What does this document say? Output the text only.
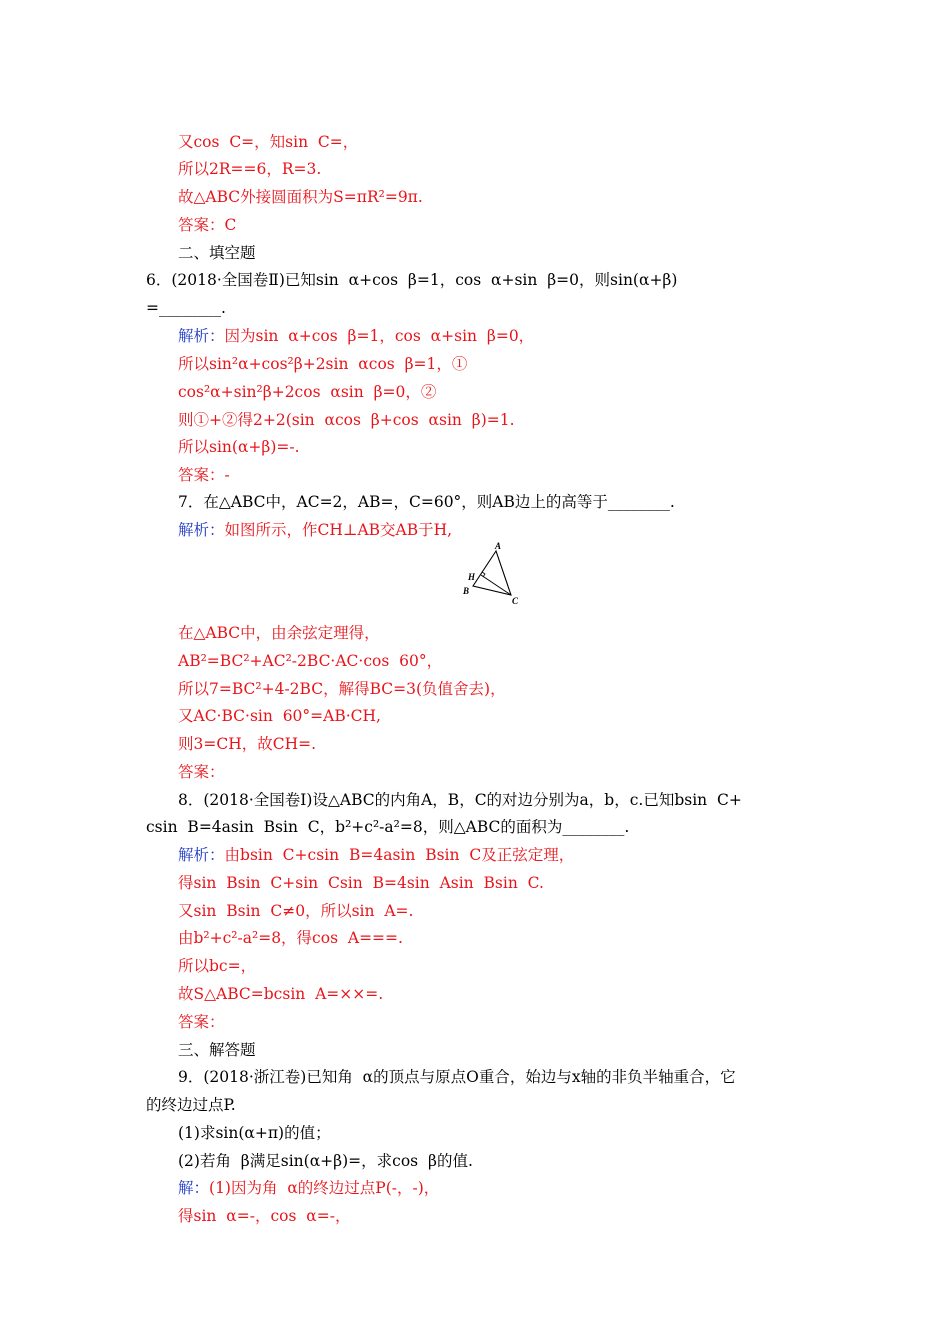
又cos  C=，知sin  C=，
所以2R==6，R=3.
故△ABC外接圆面积为S=πR²=9π.
答案：C
二、填空题
6．(2018·全国卷Ⅱ)已知sin  α+cos  β=1，cos  α+sin  β=0，则sin(α+β)
=________.
解析：因为sin  α+cos  β=1，cos  α+sin  β=0，
所以sin²α+cos²β+2sin  αcos  β=1，①
cos²α+sin²β+2cos  αsin  β=0，②
则①+②得2+2(sin  αcos  β+cos  αsin  β)=1.
所以sin(α+β)=-.
答案：-
7．在△ABC中，AC=2，AB=，C=60°，则AB边上的高等于________.
解析：如图所示，作CH⊥AB交AB于H,
在△ABC中，由余弦定理得，
AB²=BC²+AC²-2BC·AC·cos  60°，
所以7=BC²+4-2BC，解得BC=3(负值舍去)，
又AC·BC·sin  60°=AB·CH,
则3=CH，故CH=.
答案：
8．(2018·全国卷Ⅰ)设△ABC的内角A，B，C的对边分别为a，b，c.已知bsin  C+
csin  B=4asin  Bsin  C，b²+c²-a²=8，则△ABC的面积为________.
解析：由bsin  C+csin  B=4asin  Bsin  C及正弦定理，
得sin  Bsin  C+sin  Csin  B=4sin  Asin  Bsin  C.
又sin  Bsin  C≠0，所以sin  A=.
由b²+c²-a²=8，得cos  A===.
所以bc=，
故S△ABC=bcsin  A=××=.
答案：
三、解答题
9．(2018·浙江卷)已知角  α的顶点与原点O重合，始边与x轴的非负半轴重合，它
的终边过点P.
(1)求sin(α+π)的值；
(2)若角  β满足sin(α+β)=，求cos  β的值.
解：(1)因为角  α的终边过点P(-，-)，
得sin  α=-，cos  α=-，
A
H
B
C
